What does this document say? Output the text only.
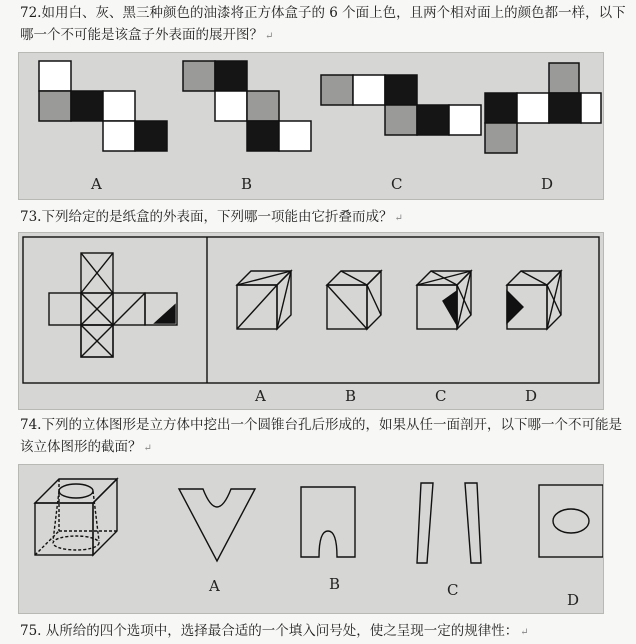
72.如用白、灰、黑三种颜色的油漆将正方体盒子的 6 个面上色，且两个相对面上的颜色都一样，以下哪一个不可能是该盒子外表面的展开图？ ↵
A	B	C	D
73.下列给定的是纸盒的外表面，下列哪一项能由它折叠而成？ ↵
A	B	C	D
74.下列的立体图形是立方体中挖出一个圆锥台孔后形成的，如果从任一面剖开，以下哪一个不可能是该立体图形的截面？ ↵
A	B	C
D
75. 从所给的四个选项中，选择最合适的一个填入问号处，使之呈现一定的规律性： ↵
